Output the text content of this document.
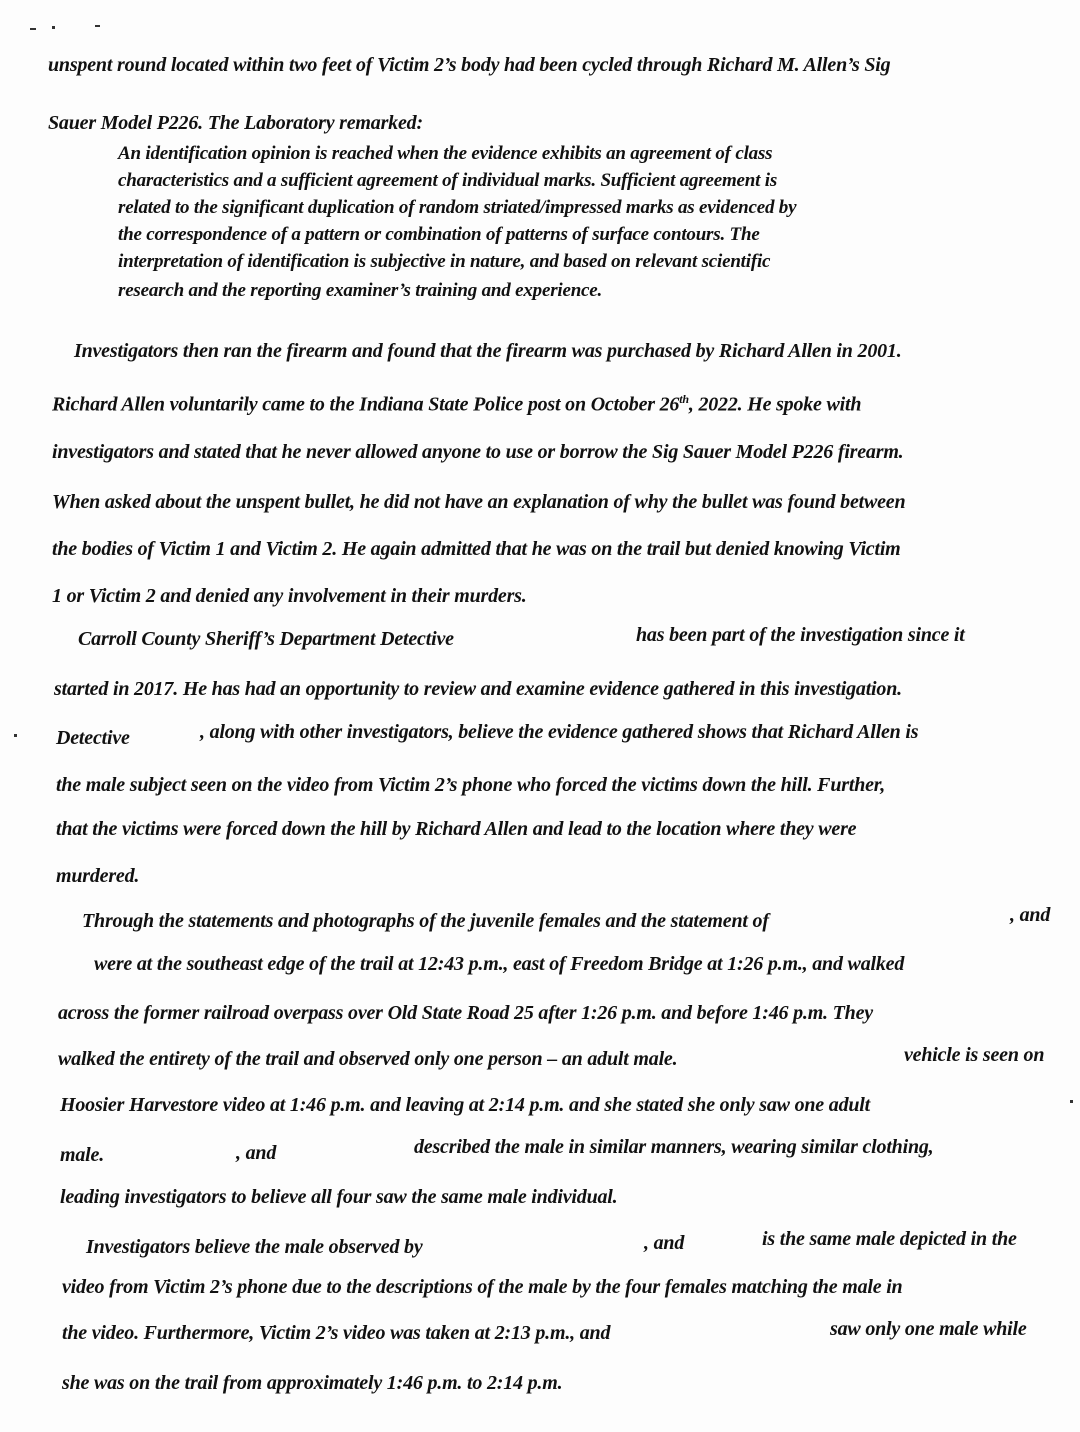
unspent round located within two feet of Victim 2’s body had been cycled through Richard M. Allen’s Sig
Sauer Model P226. The Laboratory remarked:
An identification opinion is reached when the evidence exhibits an agreement of class
characteristics and a sufficient agreement of individual marks. Sufficient agreement is
related to the significant duplication of random striated/impressed marks as evidenced by
the correspondence of a pattern or combination of patterns of surface contours. The
interpretation of identification is subjective in nature, and based on relevant scientific
research and the reporting examiner’s training and experience.
Investigators then ran the firearm and found that the firearm was purchased by Richard Allen in 2001.
Richard Allen voluntarily came to the Indiana State Police post on October 26th, 2022. He spoke with
investigators and stated that he never allowed anyone to use or borrow the Sig Sauer Model P226 firearm.
When asked about the unspent bullet, he did not have an explanation of why the bullet was found between
the bodies of Victim 1 and Victim 2. He again admitted that he was on the trail but denied knowing Victim
1 or Victim 2 and denied any involvement in their murders.
Carroll County Sheriff’s Department Detective	has been part of the investigation since it
started in 2017. He has had an opportunity to review and examine evidence gathered in this investigation.
Detective	, along with other investigators, believe the evidence gathered shows that Richard Allen is
the male subject seen on the video from Victim 2’s phone who forced the victims down the hill. Further,
that the victims were forced down the hill by Richard Allen and lead to the location where they were
murdered.
Through the statements and photographs of the juvenile females and the statement of	, and
were at the southeast edge of the trail at 12:43 p.m., east of Freedom Bridge at 1:26 p.m., and walked
across the former railroad overpass over Old State Road 25 after 1:26 p.m. and before 1:46 p.m. They
walked the entirety of the trail and observed only one person – an adult male.	vehicle is seen on
Hoosier Harvestore video at 1:46 p.m. and leaving at 2:14 p.m. and she stated she only saw one adult
male.	, and	described the male in similar manners, wearing similar clothing,
leading investigators to believe all four saw the same male individual.
Investigators believe the male observed by	, and	is the same male depicted in the
video from Victim 2’s phone due to the descriptions of the male by the four females matching the male in
the video. Furthermore, Victim 2’s video was taken at 2:13 p.m., and	saw only one male while
she was on the trail from approximately 1:46 p.m. to 2:14 p.m.
